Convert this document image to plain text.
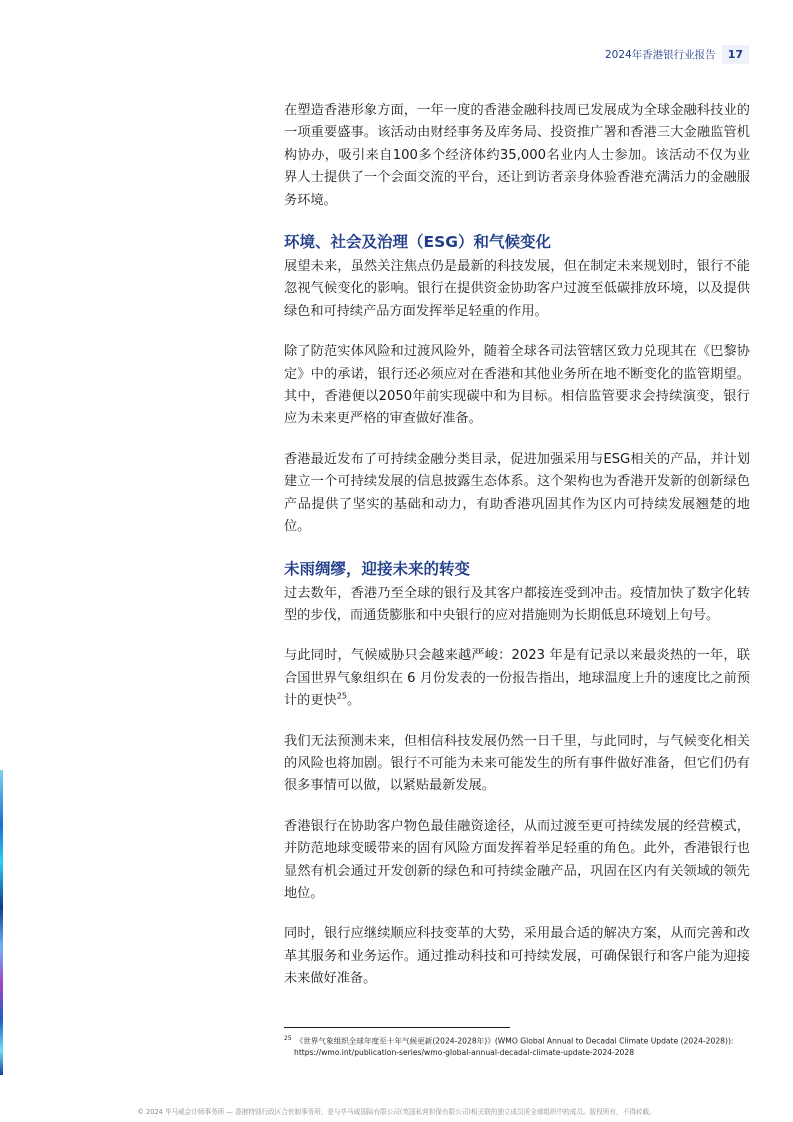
2024年香港银行业报告	17

在塑造香港形象方面，一年一度的香港金融科技周已发展成为全球金融科技业的一项重要盛事。该活动由财经事务及库务局、投资推广署和香港三大金融监管机构协办，吸引来自100多个经济体约35,000名业内人士参加。该活动不仅为业界人士提供了一个会面交流的平台，还让到访者亲身体验香港充满活力的金融服务环境。

环境、社会及治理（ESG）和气候变化

展望未来，虽然关注焦点仍是最新的科技发展，但在制定未来规划时，银行不能忽视气候变化的影响。银行在提供资金协助客户过渡至低碳排放环境，以及提供绿色和可持续产品方面发挥举足轻重的作用。

除了防范实体风险和过渡风险外，随着全球各司法管辖区致力兑现其在《巴黎协定》中的承诺，银行还必须应对在香港和其他业务所在地不断变化的监管期望。其中，香港便以2050年前实现碳中和为目标。相信监管要求会持续演变，银行应为未来更严格的审查做好准备。

香港最近发布了可持续金融分类目录，促进加强采用与ESG相关的产品，并计划建立一个可持续发展的信息披露生态体系。这个架构也为香港开发新的创新绿色产品提供了坚实的基础和动力，有助香港巩固其作为区内可持续发展翘楚的地位。

未雨绸缪，迎接未来的转变

过去数年，香港乃至全球的银行及其客户都接连受到冲击。疫情加快了数字化转型的步伐，而通货膨胀和中央银行的应对措施则为长期低息环境划上句号。

与此同时，气候威胁只会越来越严峻：2023 年是有记录以来最炎热的一年，联合国世界气象组织在 6 月份发表的一份报告指出，地球温度上升的速度比之前预计的更快$^{25}$。

我们无法预测未来，但相信科技发展仍然一日千里，与此同时，与气候变化相关的风险也将加剧。银行不可能为未来可能发生的所有事件做好准备，但它们仍有很多事情可以做，以紧贴最新发展。

香港银行在协助客户物色最佳融资途径，从而过渡至更可持续发展的经营模式，并防范地球变暖带来的固有风险方面发挥着举足轻重的角色。此外，香港银行也显然有机会通过开发创新的绿色和可持续金融产品，巩固在区内有关领域的领先地位。

同时，银行应继续顺应科技变革的大势，采用最合适的解决方案，从而完善和改革其服务和业务运作。通过推动科技和可持续发展，可确保银行和客户能为迎接未来做好准备。

$^{25}$ 《世界气象组织全球年度至十年气候更新(2024-2028年)》(WMO Global Annual to Decadal Climate Update (2024-2028)):
https://wmo.int/publication-series/wmo-global-annual-decadal-climate-update-2024-2028
© 2024 毕马威会计师事务所 — 香港特别行政区合伙制事务所，是与毕马威国际有限公司(英国私营担保有限公司)相关联的独立成员所全球组织中的成员。版权所有，不得转载。
